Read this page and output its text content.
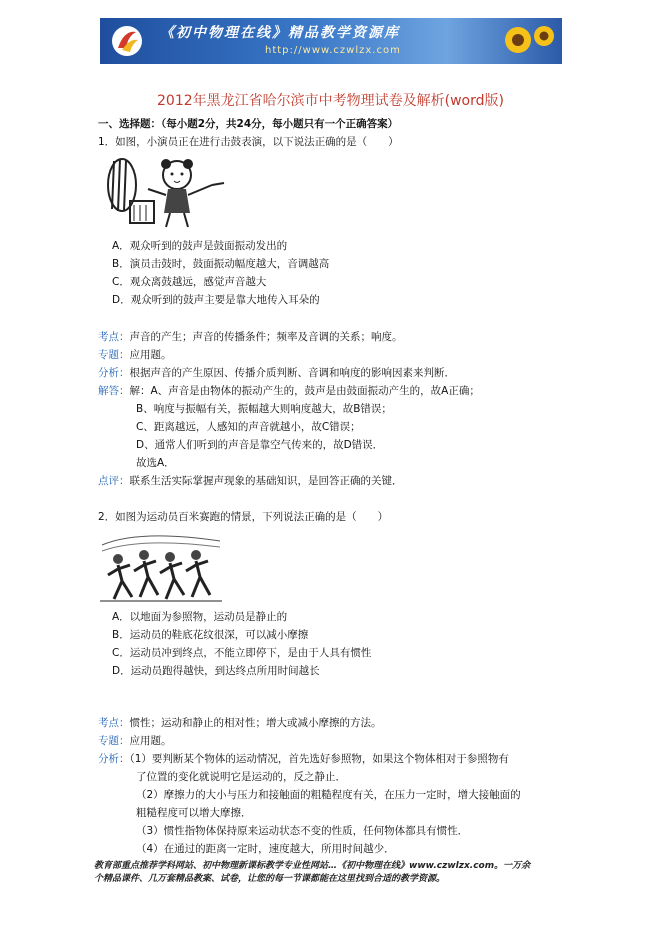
《初中物理在线》精品教学资源库
http://www.czwlzx.com
2012年黑龙江省哈尔滨市中考物理试卷及解析(word版)
一、选择题：（每小题2分，共24分，每小题只有一个正确答案）
1．如图，小演员正在进行击鼓表演，以下说法正确的是（　　）
A．观众听到的鼓声是鼓面振动发出的
B．演员击鼓时，鼓面振动幅度越大，音调越高
C．观众离鼓越远，感觉声音越大
D．观众听到的鼓声主要是靠大地传入耳朵的
考点：声音的产生；声音的传播条件；频率及音调的关系；响度。
专题：应用题。
分析：根据声音的产生原因、传播介质判断、音调和响度的影响因素来判断．
解答：解：A、声音是由物体的振动产生的，鼓声是由鼓面振动产生的，故A正确；
B、响度与振幅有关，振幅越大则响度越大，故B错误；
C、距离越远，人感知的声音就越小，故C错误；
D、通常人们听到的声音是靠空气传来的，故D错误．
故选A．
点评：联系生活实际掌握声现象的基础知识，是回答正确的关键．
2．如图为运动员百米赛跑的情景，下列说法正确的是（　　）
A．以地面为参照物，运动员是静止的
B．运动员的鞋底花纹很深，可以减小摩擦
C．运动员冲到终点，不能立即停下，是由于人具有惯性
D．运动员跑得越快，到达终点所用时间越长
考点：惯性；运动和静止的相对性；增大或减小摩擦的方法。
专题：应用题。
分析：（1）要判断某个物体的运动情况，首先选好参照物，如果这个物体相对于参照物有
了位置的变化就说明它是运动的，反之静止．
（2）摩擦力的大小与压力和接触面的粗糙程度有关，在压力一定时，增大接触面的
粗糙程度可以增大摩擦．
（3）惯性指物体保持原来运动状态不变的性质，任何物体都具有惯性．
（4）在通过的距离一定时，速度越大，所用时间越少．
教育部重点推荐学科网站、初中物理新课标教学专业性网站…《初中物理在线》www.czwlzx.com。一万余
个精品课件、几万套精品教案、试卷，让您的每一节课都能在这里找到合适的教学资源。
